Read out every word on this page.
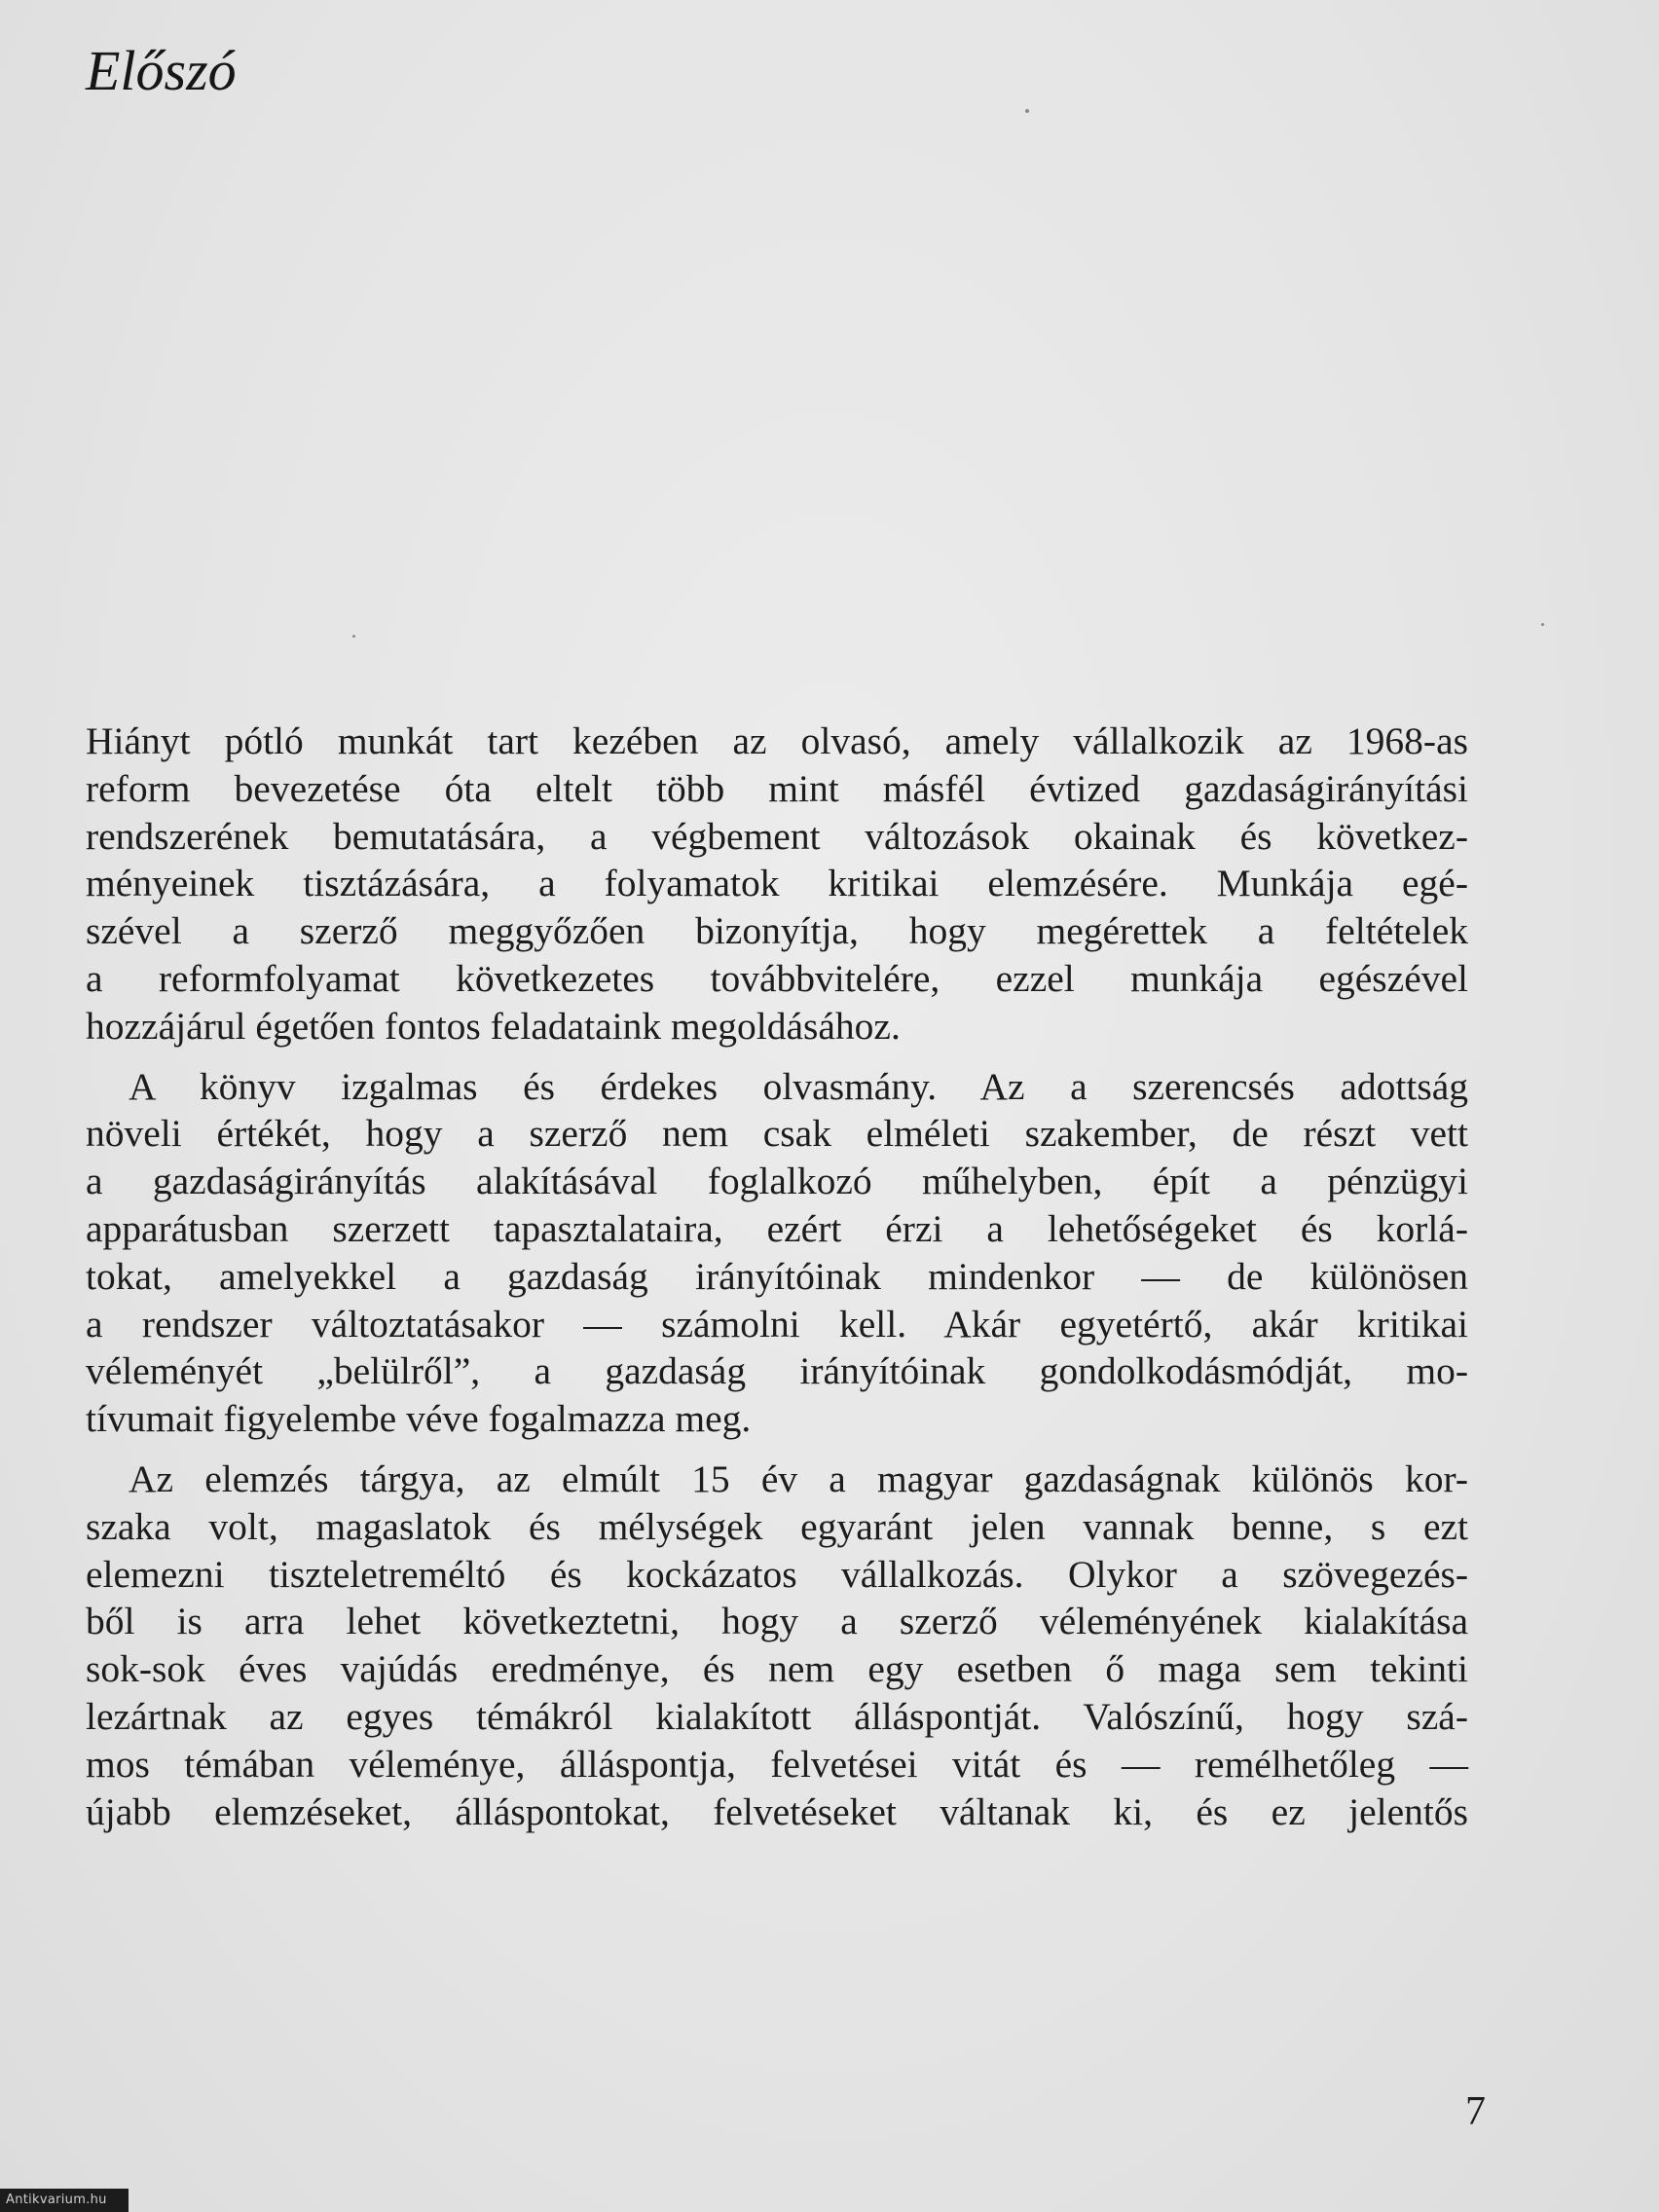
Előszó

Hiányt pótló munkát tart kezében az olvasó, amely vállalkozik az 1968-as
reform bevezetése óta eltelt több mint másfél évtized gazdaságirányítási
rendszerének bemutatására, a végbement változások okainak és következ-
ményeinek tisztázására, a folyamatok kritikai elemzésére. Munkája egé-
szével a szerző meggyőzően bizonyítja, hogy megérettek a feltételek
a reformfolyamat következetes továbbvitelére, ezzel munkája egészével
hozzájárul égetően fontos feladataink megoldásához.

A könyv izgalmas és érdekes olvasmány. Az a szerencsés adottság
növeli értékét, hogy a szerző nem csak elméleti szakember, de részt vett
a gazdaságirányítás alakításával foglalkozó műhelyben, épít a pénzügyi
apparátusban szerzett tapasztalataira, ezért érzi a lehetőségeket és korlá-
tokat, amelyekkel a gazdaság irányítóinak mindenkor — de különösen
a rendszer változtatásakor — számolni kell. Akár egyetértő, akár kritikai
véleményét „belülről”, a gazdaság irányítóinak gondolkodásmódját, mo-
tívumait figyelembe véve fogalmazza meg.

Az elemzés tárgya, az elmúlt 15 év a magyar gazdaságnak különös kor-
szaka volt, magaslatok és mélységek egyaránt jelen vannak benne, s ezt
elemezni tiszteletreméltó és kockázatos vállalkozás. Olykor a szövegezés-
ből is arra lehet következtetni, hogy a szerző véleményének kialakítása
sok-sok éves vajúdás eredménye, és nem egy esetben ő maga sem tekinti
lezártnak az egyes témákról kialakított álláspontját. Valószínű, hogy szá-
mos témában véleménye, álláspontja, felvetései vitát és — remélhetőleg —
újabb elemzéseket, álláspontokat, felvetéseket váltanak ki, és ez jelentős

7
Antikvarium.hu
